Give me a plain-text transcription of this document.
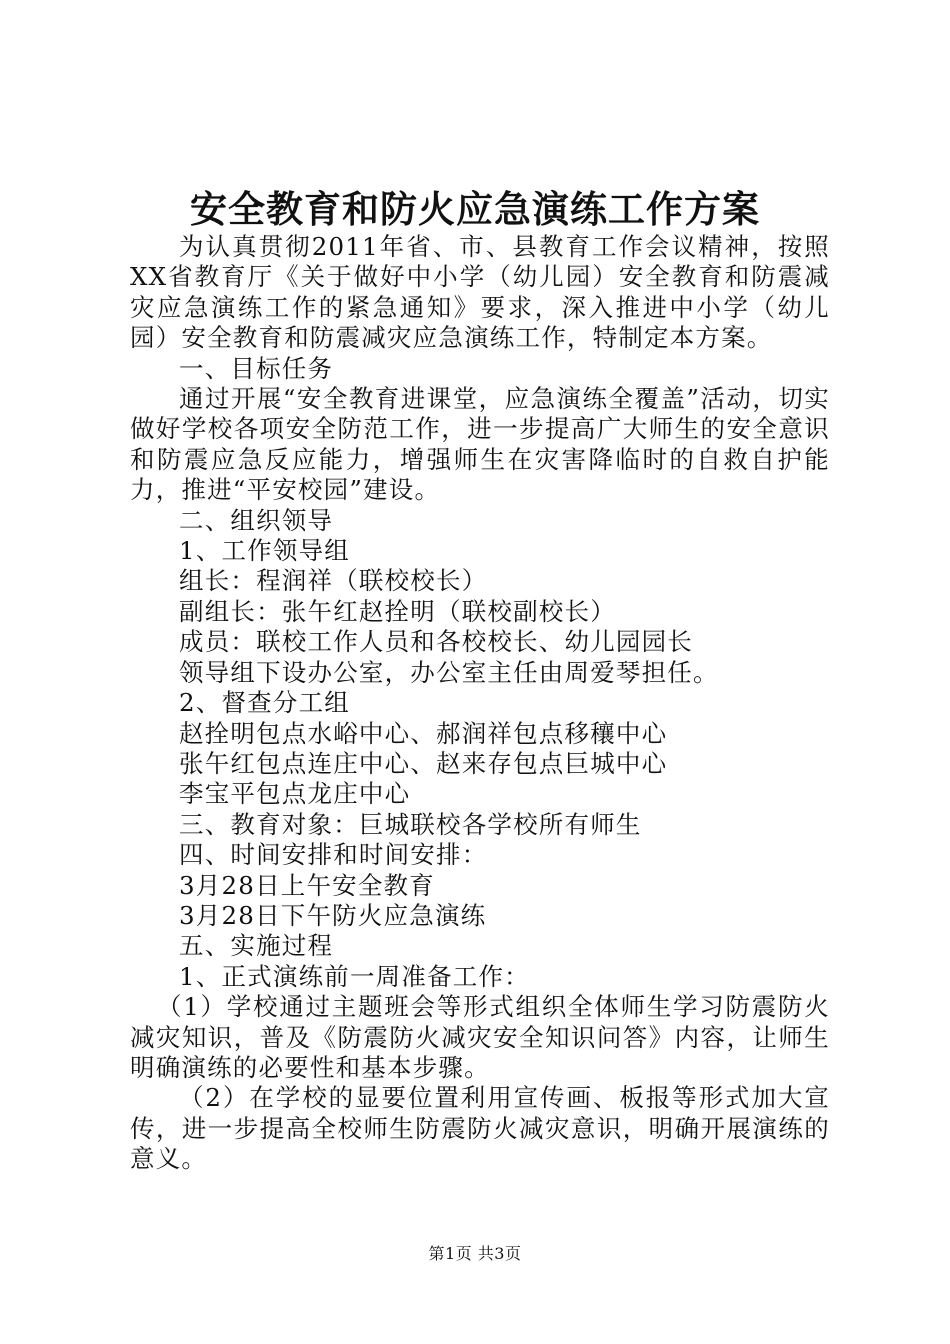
安全教育和防火应急演练工作方案

为认真贯彻2011年省、市、县教育工作会议精神，按照XX省教育厅《关于做好中小学（幼儿园）安全教育和防震减灾应急演练工作的紧急通知》要求，深入推进中小学（幼儿园）安全教育和防震减灾应急演练工作，特制定本方案。

一、目标任务

通过开展“安全教育进课堂，应急演练全覆盖”活动，切实做好学校各项安全防范工作，进一步提高广大师生的安全意识和防震应急反应能力，增强师生在灾害降临时的自救自护能力，推进“平安校园”建设。

二、组织领导

1、工作领导组

组长：程润祥（联校校长）

副组长：张午红赵拴明（联校副校长）

成员：联校工作人员和各校校长、幼儿园园长

领导组下设办公室，办公室主任由周爱琴担任。

2、督查分工组

赵拴明包点水峪中心、郝润祥包点移穰中心

张午红包点连庄中心、赵来存包点巨城中心

李宝平包点龙庄中心

三、教育对象：巨城联校各学校所有师生

四、时间安排和时间安排：

3月28日上午安全教育

3月28日下午防火应急演练

五、实施过程

1、正式演练前一周准备工作：

（1）学校通过主题班会等形式组织全体师生学习防震防火减灾知识，普及《防震防火减灾安全知识问答》内容，让师生明确演练的必要性和基本步骤。

（2）在学校的显要位置利用宣传画、板报等形式加大宣传，进一步提高全校师生防震防火减灾意识，明确开展演练的意义。

第1页 共3页
